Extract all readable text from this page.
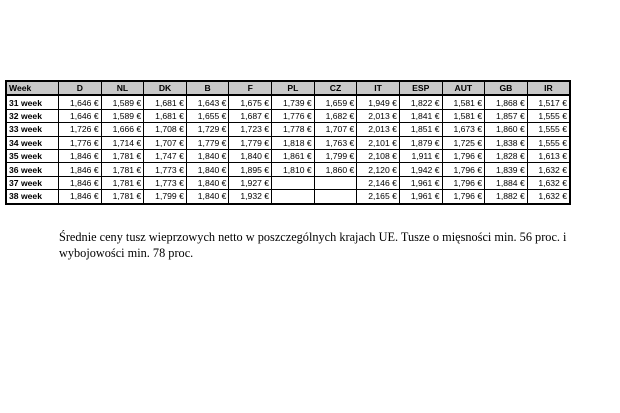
Week	D	NL	DK	B	F	PL	CZ	IT	ESP	AUT	GB	IR
31 week	1,646 €	1,589 €	1,681 €	1,643 €	1,675 €	1,739 €	1,659 €	1,949 €	1,822 €	1,581 €	1,868 €	1,517 €
32 week	1,646 €	1,589 €	1,681 €	1,655 €	1,687 €	1,776 €	1,682 €	2,013 €	1,841 €	1,581 €	1,857 €	1,555 €
33 week	1,726 €	1,666 €	1,708 €	1,729 €	1,723 €	1,778 €	1,707 €	2,013 €	1,851 €	1,673 €	1,860 €	1,555 €
34 week	1,776 €	1,714 €	1,707 €	1,779 €	1,779 €	1,818 €	1,763 €	2,101 €	1,879 €	1,725 €	1,838 €	1,555 €
35 week	1,846 €	1,781 €	1,747 €	1,840 €	1,840 €	1,861 €	1,799 €	2,108 €	1,911 €	1,796 €	1,828 €	1,613 €
36 week	1,846 €	1,781 €	1,773 €	1,840 €	1,895 €	1,810 €	1,860 €	2,120 €	1,942 €	1,796 €	1,839 €	1,632 €
37 week	1,846 €	1,781 €	1,773 €	1,840 €	1,927 €			2,146 €	1,961 €	1,796 €	1,884 €	1,632 €
38 week	1,846 €	1,781 €	1,799 €	1,840 €	1,932 €			2,165 €	1,961 €	1,796 €	1,882 €	1,632 €
Średnie ceny tusz wieprzowych netto w poszczególnych krajach UE. Tusze o mięsności min. 56 proc. i wybojowości min. 78 proc.
